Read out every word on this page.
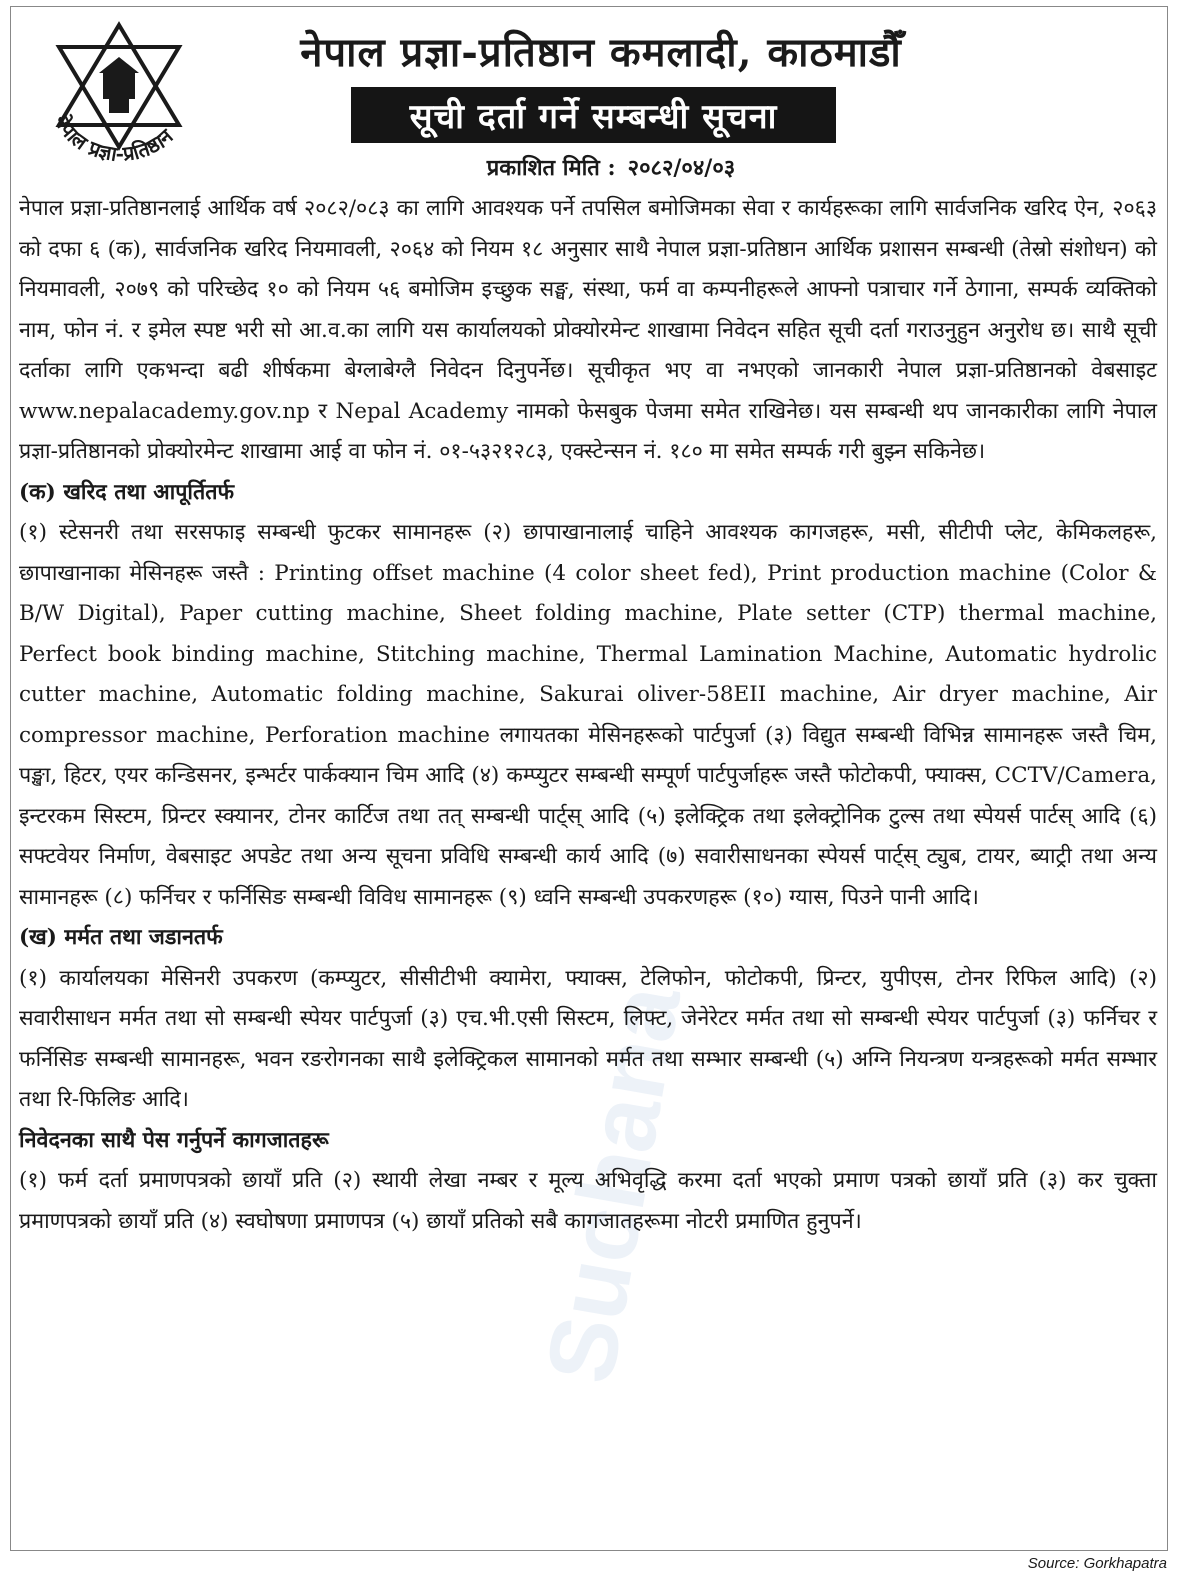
नेपाल प्रज्ञा-प्रतिष्ठान
नेपाल प्रज्ञा-प्रतिष्ठान कमलादी, काठमाडौँ
सूची दर्ता गर्ने सम्बन्धी सूचना
प्रकाशित मिति : २०८२/०४/०३
Suchana

नेपाल प्रज्ञा-प्रतिष्ठानलाई आर्थिक वर्ष २०८२/०८३ का लागि आवश्यक पर्ने तपसिल बमोजिमका सेवा र कार्यहरूका लागि सार्वजनिक खरिद ऐन, २०६३ को दफा ६ (क), सार्वजनिक खरिद नियमावली, २०६४ को नियम १८ अनुसार साथै नेपाल प्रज्ञा-प्रतिष्ठान आर्थिक प्रशासन सम्बन्धी (तेस्रो संशोधन) को नियमावली, २०७९ को परिच्छेद १० को नियम ५६ बमोजिम इच्छुक सङ्घ, संस्था, फर्म वा कम्पनीहरूले आफ्नो पत्राचार गर्ने ठेगाना, सम्पर्क व्यक्तिको नाम, फोन नं. र इमेल स्पष्ट भरी सो आ.व.का लागि यस कार्यालयको प्रोक्योरमेन्ट शाखामा निवेदन सहित सूची दर्ता गराउनुहुन अनुरोध छ। साथै सूची दर्ताका लागि एकभन्दा बढी शीर्षकमा बेग्लाबेग्लै निवेदन दिनुपर्नेछ। सूचीकृत भए वा नभएको जानकारी नेपाल प्रज्ञा-प्रतिष्ठानको वेबसाइट www.nepalacademy.gov.np र Nepal Academy नामको फेसबुक पेजमा समेत राखिनेछ। यस सम्बन्धी थप जानकारीका लागि नेपाल प्रज्ञा-प्रतिष्ठानको प्रोक्योरमेन्ट शाखामा आई वा फोन नं. ०१-५३२१२८३, एक्स्टेन्सन नं. १८० मा समेत सम्पर्क गरी बुझ्न सकिनेछ।

(क) खरिद तथा आपूर्तितर्फ

(१) स्टेसनरी तथा सरसफाइ सम्बन्धी फुटकर सामानहरू (२) छापाखानालाई चाहिने आवश्यक कागजहरू, मसी, सीटीपी प्लेट, केमिकलहरू, छापाखानाका मेसिनहरू जस्तै : Printing offset machine (4 color sheet fed), Print production machine (Color & B/W Digital), Paper cutting machine, Sheet folding machine, Plate setter (CTP) thermal machine, Perfect book binding machine, Stitching machine, Thermal Lamination Machine, Automatic hydrolic cutter machine, Automatic folding machine, Sakurai oliver-58EII machine, Air dryer machine, Air compressor machine, Perforation machine लगायतका मेसिनहरूको पार्टपुर्जा (३) विद्युत सम्बन्धी विभिन्न सामानहरू जस्तै चिम, पङ्खा, हिटर, एयर कन्डिसनर, इन्भर्टर पार्कक्यान चिम आदि (४) कम्प्युटर सम्बन्धी सम्पूर्ण पार्टपुर्जाहरू जस्तै फोटोकपी, फ्याक्स, CCTV/Camera, इन्टरकम सिस्टम, प्रिन्टर स्क्यानर, टोनर कार्टिज तथा तत् सम्बन्धी पार्ट्स् आदि (५) इलेक्ट्रिक तथा इलेक्ट्रोनिक टुल्स तथा स्पेयर्स पार्टस् आदि (६) सफ्टवेयर निर्माण, वेबसाइट अपडेट तथा अन्य सूचना प्रविधि सम्बन्धी कार्य आदि (७) सवारीसाधनका स्पेयर्स पार्ट्स् ट्युब, टायर, ब्याट्री तथा अन्य सामानहरू (८) फर्निचर र फर्निसिङ सम्बन्धी विविध सामानहरू (९) ध्वनि सम्बन्धी उपकरणहरू (१०) ग्यास, पिउने पानी आदि।

(ख) मर्मत तथा जडानतर्फ

(१) कार्यालयका मेसिनरी उपकरण (कम्प्युटर, सीसीटीभी क्यामेरा, फ्याक्स, टेलिफोन, फोटोकपी, प्रिन्टर, युपीएस, टोनर रिफिल आदि) (२) सवारीसाधन मर्मत तथा सो सम्बन्धी स्पेयर पार्टपुर्जा (३) एच.भी.एसी सिस्टम, लिफ्ट, जेनेरेटर मर्मत तथा सो सम्बन्धी स्पेयर पार्टपुर्जा (३) फर्निचर र फर्निसिङ सम्बन्धी सामानहरू, भवन रङरोगनका साथै इलेक्ट्रिकल सामानको मर्मत तथा सम्भार सम्बन्धी (५) अग्नि नियन्त्रण यन्त्रहरूको मर्मत सम्भार तथा रि-फिलिङ आदि।

निवेदनका साथै पेस गर्नुपर्ने कागजातहरू

(१) फर्म दर्ता प्रमाणपत्रको छायाँ प्रति (२) स्थायी लेखा नम्बर र मूल्य अभिवृद्धि करमा दर्ता भएको प्रमाण पत्रको छायाँ प्रति (३) कर चुक्ता प्रमाणपत्रको छायाँ प्रति (४) स्वघोषणा प्रमाणपत्र (५) छायाँ प्रतिको सबै कागजातहरूमा नोटरी प्रमाणित हुनुपर्ने।

Source: Gorkhapatra
